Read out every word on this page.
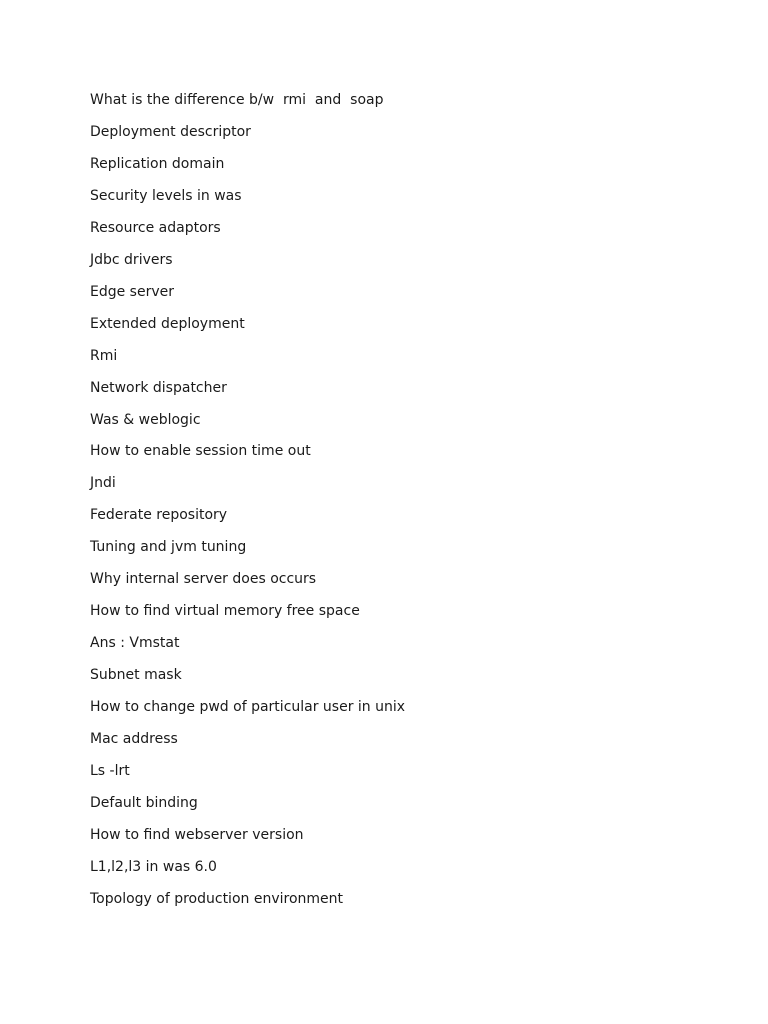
What is the difference b/w  rmi  and  soap
Deployment descriptor
Replication domain
Security levels in was
Resource adaptors
Jdbc drivers
Edge server
Extended deployment
Rmi
Network dispatcher
Was & weblogic
How to enable session time out
Jndi
Federate repository
Tuning and jvm tuning
Why internal server does occurs
How to find virtual memory free space
Ans : Vmstat
Subnet mask
How to change pwd of particular user in unix
Mac address
Ls -lrt
Default binding
How to find webserver version
L1,l2,l3 in was 6.0
Topology of production environment
